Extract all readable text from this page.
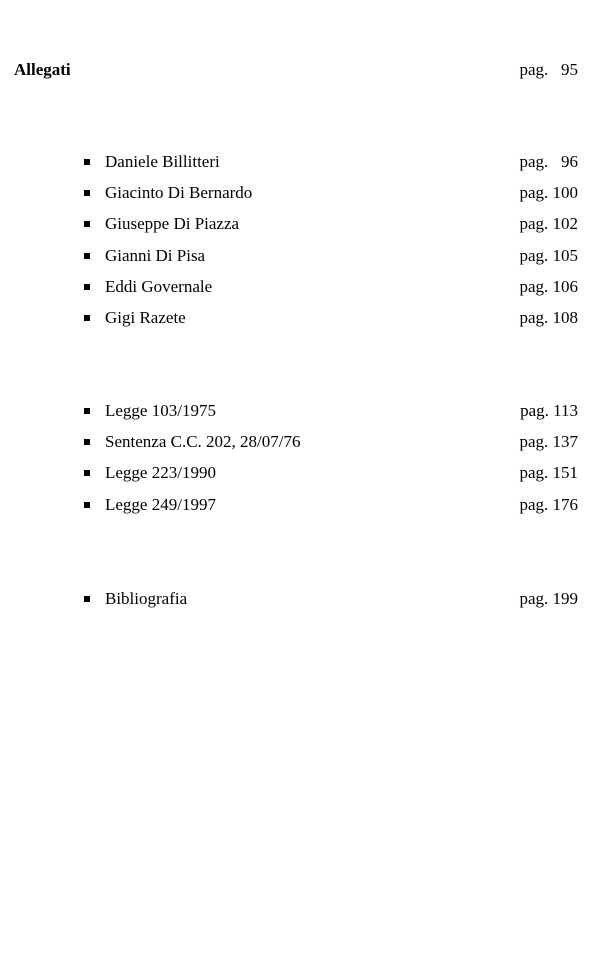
Allegati	pag.   95
Daniele Billitteri	pag.   96
Giacinto Di Bernardo	pag. 100
Giuseppe Di Piazza	pag. 102
Gianni Di Pisa	pag. 105
Eddi Governale	pag. 106
Gigi Razete	pag. 108
Legge 103/1975	pag. 113
Sentenza C.C. 202, 28/07/76	pag. 137
Legge 223/1990	pag. 151
Legge 249/1997	pag. 176
Bibliografia	pag. 199
